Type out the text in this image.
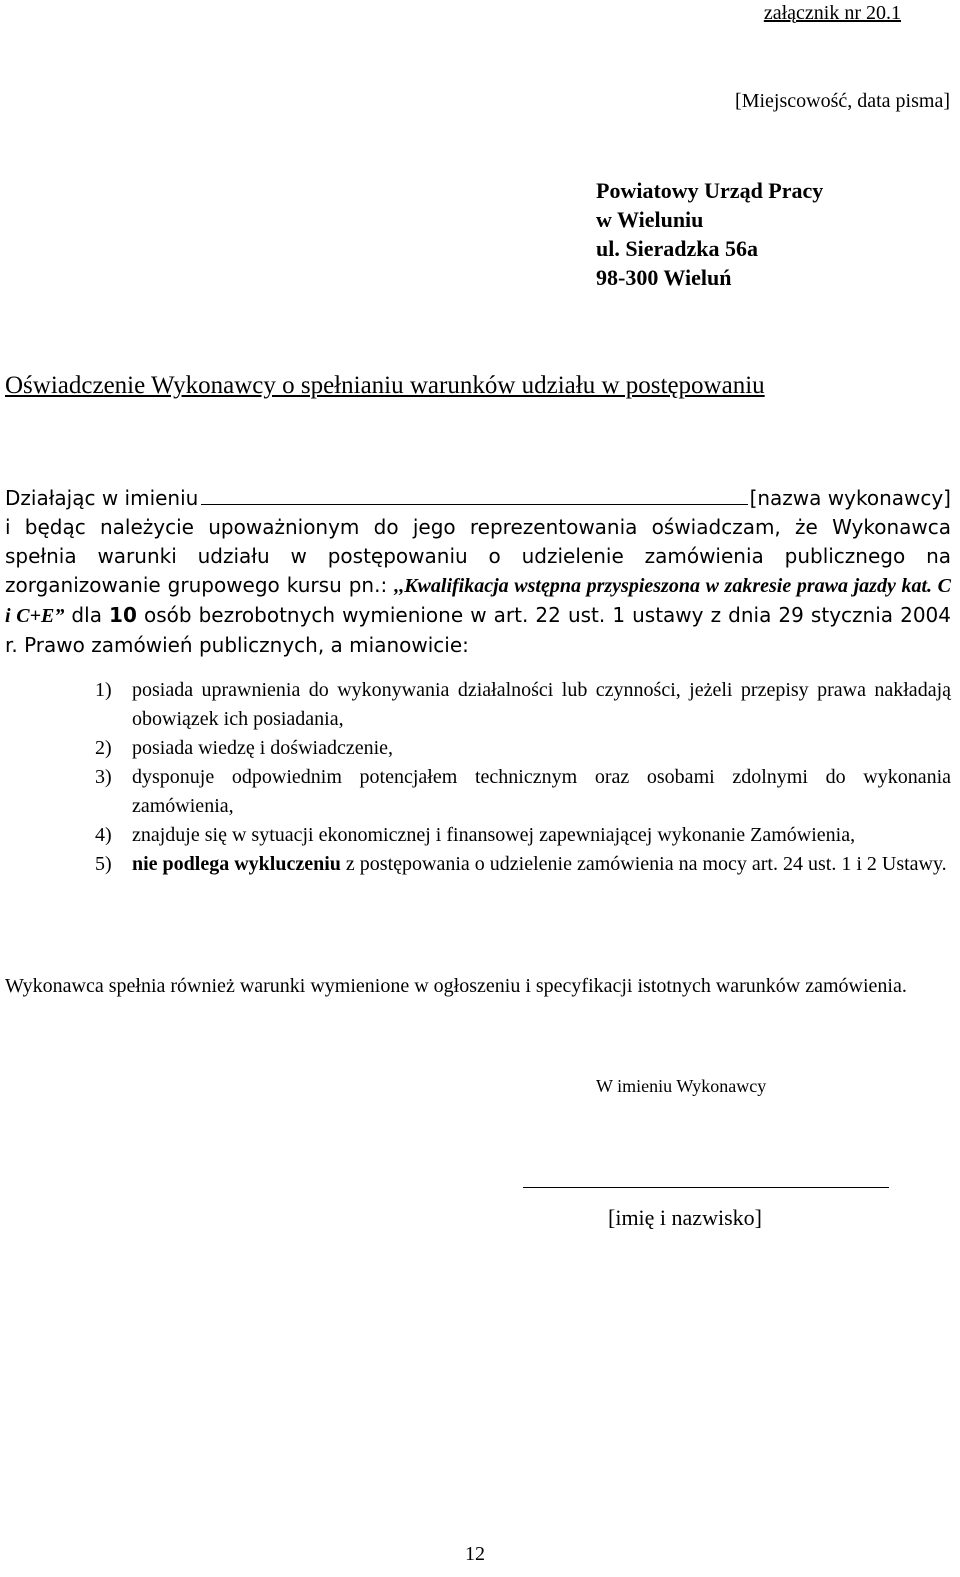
załącznik nr 20.1
[Miejscowość, data pisma]
Powiatowy Urząd Pracy
w Wieluniu
ul. Sieradzka 56a
98-300 Wieluń
Oświadczenie Wykonawcy o spełnianiu warunków udziału w postępowaniu
Działając w imieniu	[nazwa wykonawcy]

i będąc należycie upoważnionym do jego reprezentowania oświadczam, że Wykonawca spełnia warunki udziału w postępowaniu o udzielenie zamówienia publicznego na zorganizowanie grupowego kursu pn.: ,,Kwalifikacja wstępna przyspieszona w zakresie prawa jazdy kat. C i C+E” dla 10 osób bezrobotnych wymienione w art. 22 ust. 1 ustawy z dnia 29 stycznia 2004 r. Prawo zamówień publicznych, a mianowicie:

1)	posiada uprawnienia do wykonywania działalności lub czynności, jeżeli przepisy prawa nakładają obowiązek ich posiadania,
2)	posiada wiedzę i doświadczenie,
3)	dysponuje odpowiednim potencjałem technicznym oraz osobami zdolnymi do wykonania zamówienia,
4)	znajduje się w sytuacji ekonomicznej i finansowej zapewniającej wykonanie Zamówienia,
5)	nie podlega wykluczeniu z postępowania o udzielenie zamówienia na mocy art. 24 ust. 1 i 2 Ustawy.
Wykonawca spełnia również warunki wymienione w ogłoszeniu i specyfikacji istotnych warunków zamówienia.
W imieniu Wykonawcy
[imię i nazwisko]
12
